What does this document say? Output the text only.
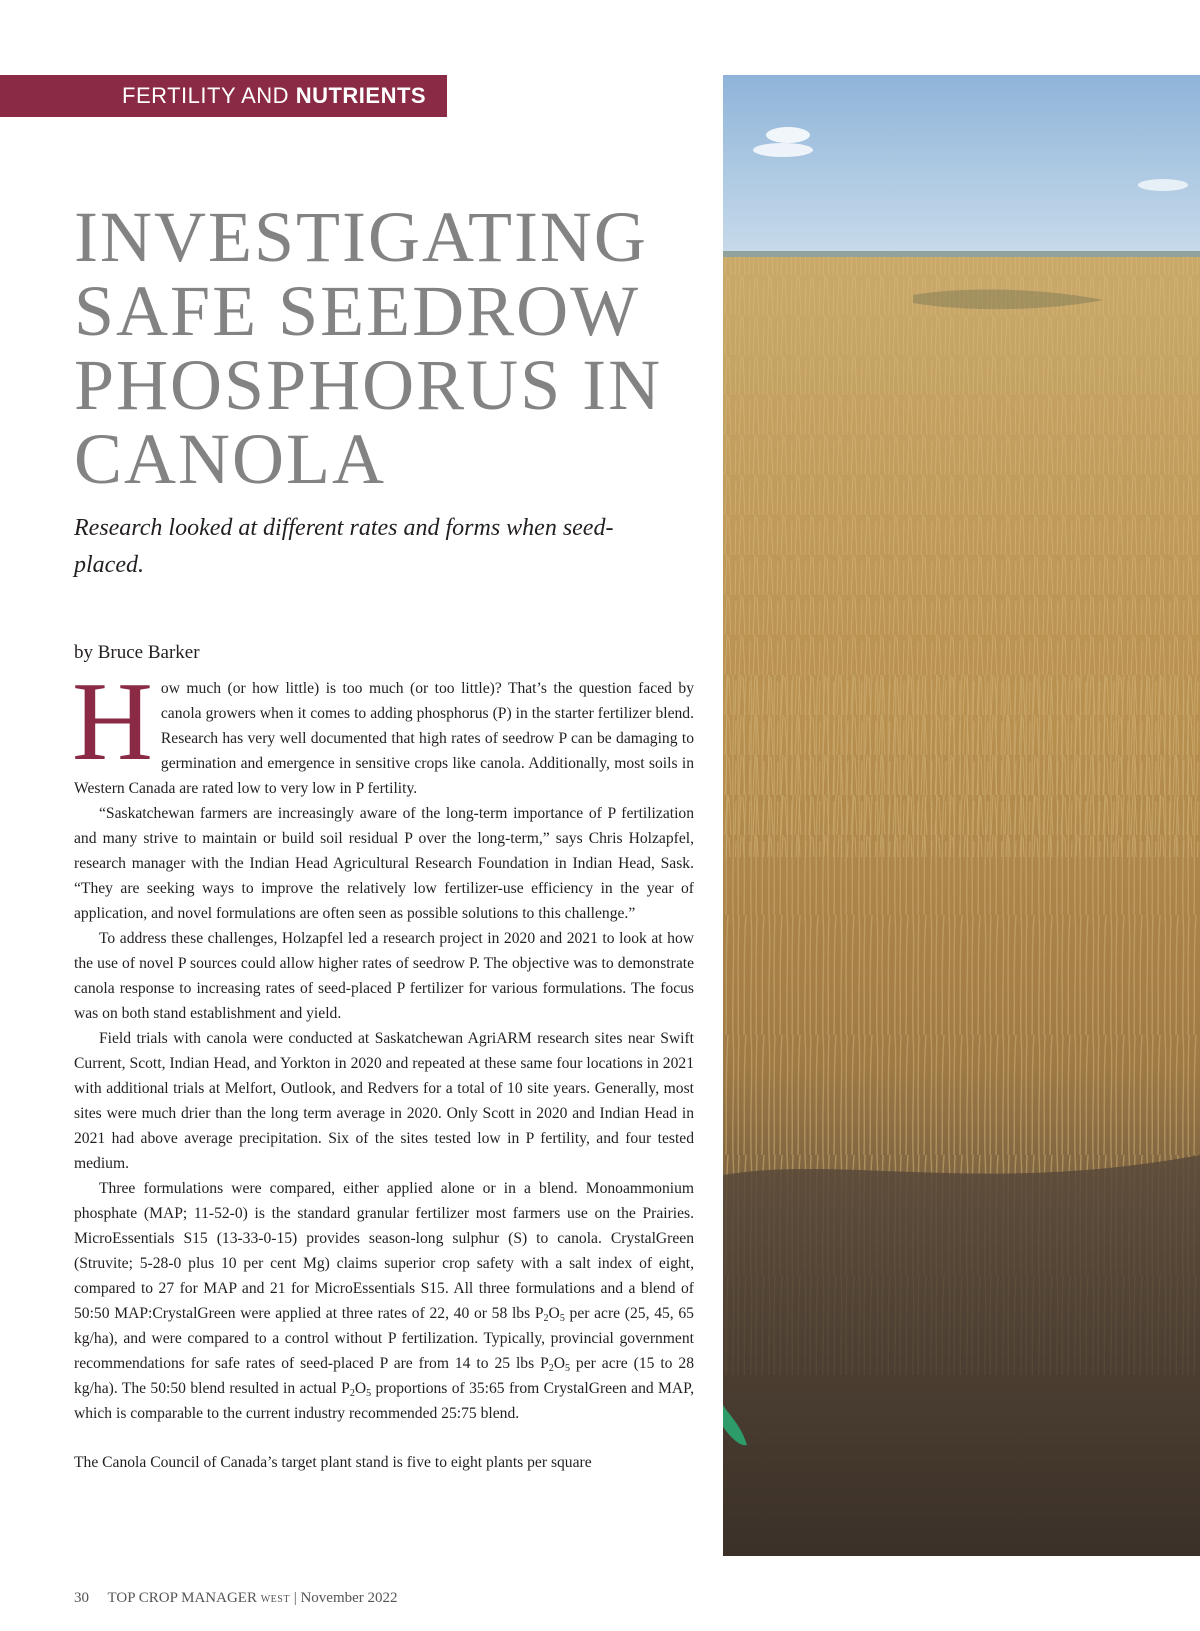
FERTILITY AND NUTRIENTS
INVESTIGATING
SAFE SEEDROW
PHOSPHORUS IN
CANOLA

Research looked at different rates and forms when seed-placed.

by Bruce Barker

How much (or how little) is too much (or too little)? That’s the question faced by canola growers when it comes to adding phosphorus (P) in the starter fertilizer blend. Research has very well documented that high rates of seedrow P can be damaging to germination and emergence in sensitive crops like canola. Additionally, most soils in Western Canada are rated low to very low in P fertility.

“Saskatchewan farmers are increasingly aware of the long-term importance of P fertilization and many strive to maintain or build soil residual P over the long-term,” says Chris Holzapfel, research manager with the Indian Head Agricultural Research Foundation in Indian Head, Sask. “They are seeking ways to improve the relatively low fertilizer-use efficiency in the year of application, and novel formulations are often seen as possible solutions to this challenge.”

To address these challenges, Holzapfel led a research project in 2020 and 2021 to look at how the use of novel P sources could allow higher rates of seedrow P. The objective was to demonstrate canola response to increasing rates of seed-placed P fertilizer for various formulations. The focus was on both stand establishment and yield.

Field trials with canola were conducted at Saskatchewan AgriARM research sites near Swift Current, Scott, Indian Head, and Yorkton in 2020 and repeated at these same four locations in 2021 with additional trials at Melfort, Outlook, and Redvers for a total of 10 site years. Generally, most sites were much drier than the long term average in 2020. Only Scott in 2020 and Indian Head in 2021 had above average precipitation. Six of the sites tested low in P fertility, and four tested medium.

Three formulations were compared, either applied alone or in a blend. Monoammonium phosphate (MAP; 11-52-0) is the standard granular fertilizer most farmers use on the Prairies. MicroEssentials S15 (13-33-0-15) provides season-long sulphur (S) to canola. CrystalGreen (Struvite; 5-28-0 plus 10 per cent Mg) claims superior crop safety with a salt index of eight, compared to 27 for MAP and 21 for MicroEssentials S15. All three formulations and a blend of 50:50 MAP:CrystalGreen were applied at three rates of 22, 40 or 58 lbs $P_2O_5$ per acre (25, 45, 65 kg/ha), and were compared to a control without P fertilization. Typically, provincial government recommendations for safe rates of seed-placed P are from 14 to 25 lbs $P_2O_5$ per acre (15 to 28 kg/ha). The 50:50 blend resulted in actual $P_2O_5$ proportions of 35:65 from CrystalGreen and MAP, which is comparable to the current industry recommended 25:75 blend.

The Canola Council of Canada’s target plant stand is five to eight plants per square

30 TOP CROP MANAGER WEST | November 2022
